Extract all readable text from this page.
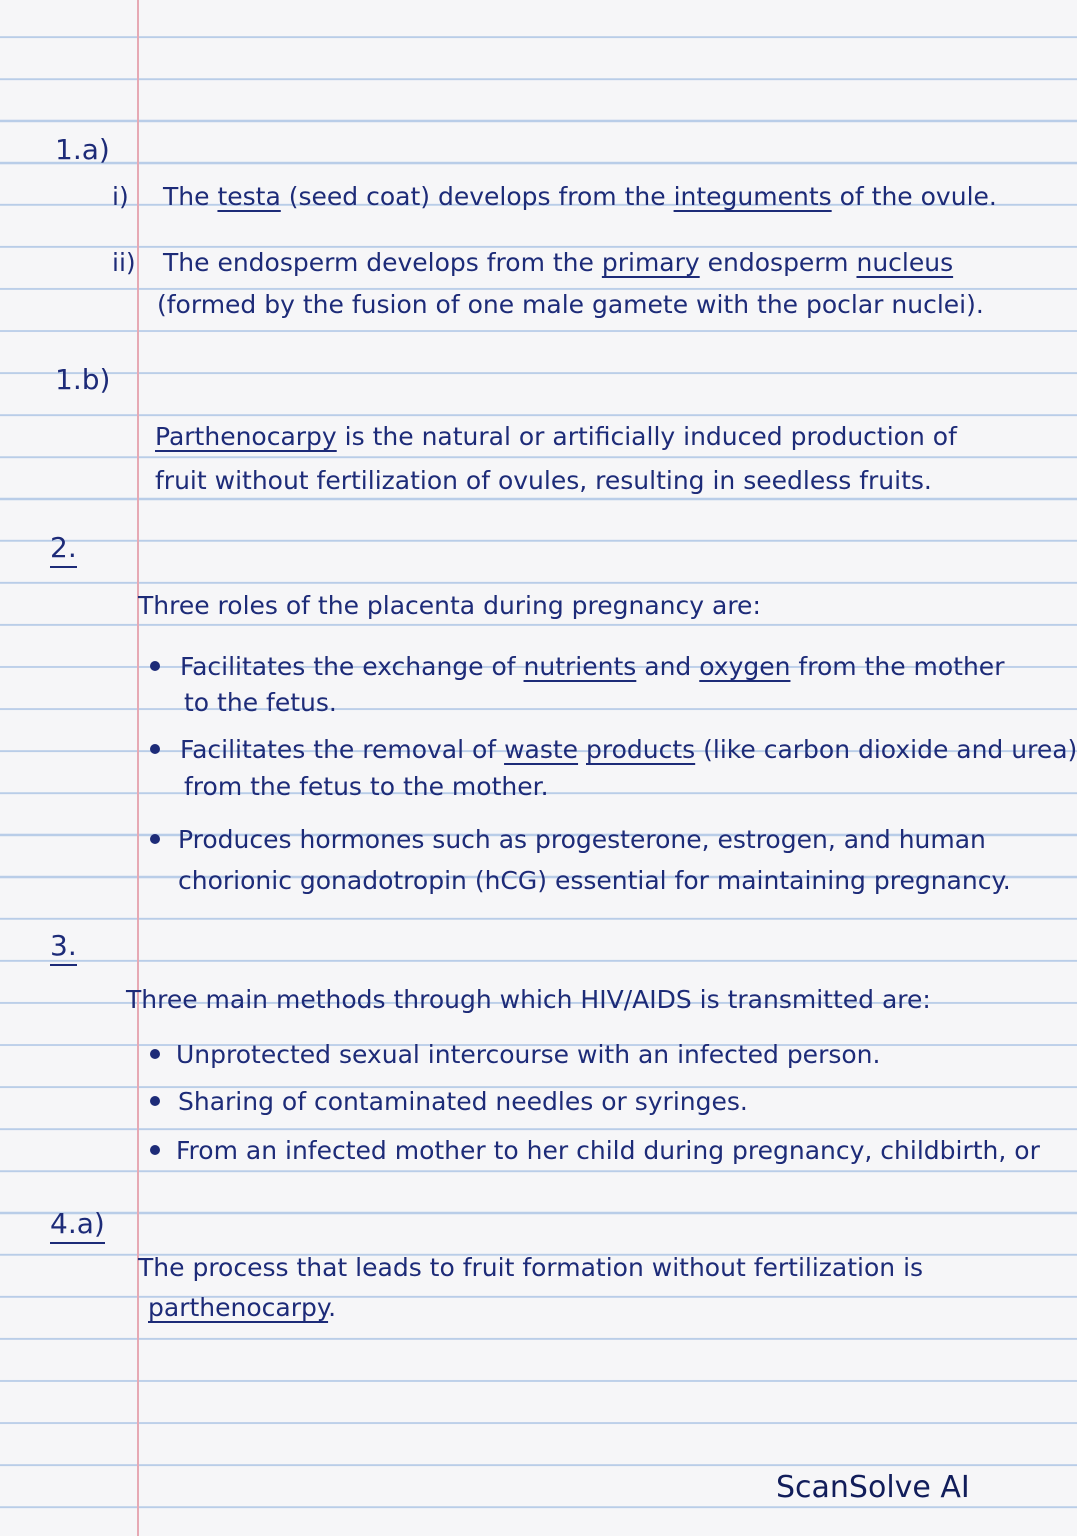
1.a)
i) The testa (seed coat) develops from the integuments of the ovule.
ii) The endosperm develops from the primary endosperm nucleus
(formed by the fusion of one male gamete with the poclar nuclei).
1.b)
Parthenocarpy is the natural or artificially induced production of
fruit without fertilization of ovules, resulting in seedless fruits.
2.
Three roles of the placenta during pregnancy are:
Facilitates the exchange of nutrients and oxygen from the mother
to the fetus.
Facilitates the removal of waste products (like carbon dioxide and urea)
from the fetus to the mother.
Produces hormones such as progesterone, estrogen, and human
chorionic gonadotropin (hCG) essential for maintaining pregnancy.
3.
Three main methods through which HIV/AIDS is transmitted are:
Unprotected sexual intercourse with an infected person.
Sharing of contaminated needles or syringes.
From an infected mother to her child during pregnancy, childbirth, or
4.a)
The process that leads to fruit formation without fertilization is
parthenocarpy.
ScanSolve AI
